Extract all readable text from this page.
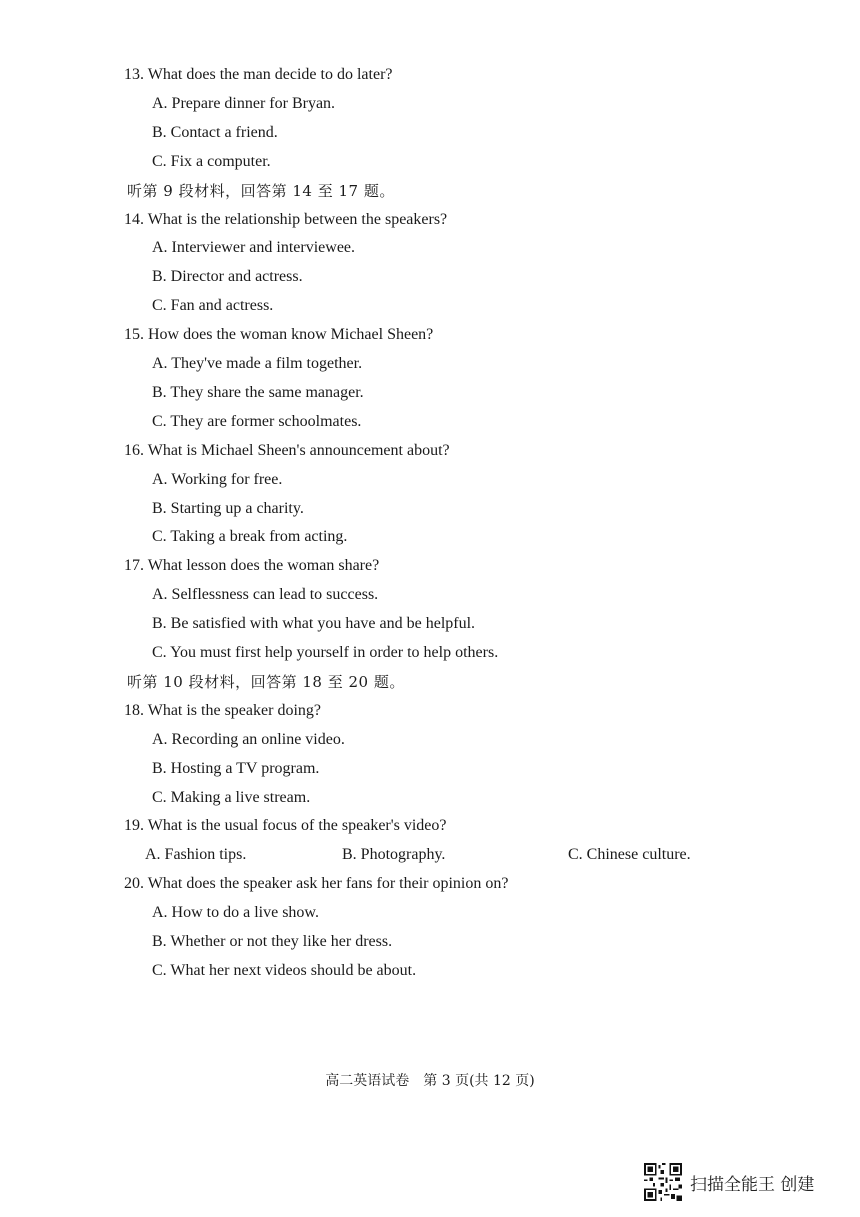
13. What does the man decide to do later?
A. Prepare dinner for Bryan.
B. Contact a friend.
C. Fix a computer.
听第 9 段材料，回答第 14 至 17 题。
14. What is the relationship between the speakers?
A. Interviewer and interviewee.
B. Director and actress.
C. Fan and actress.
15. How does the woman know Michael Sheen?
A. They've made a film together.
B. They share the same manager.
C. They are former schoolmates.
16. What is Michael Sheen's announcement about?
A. Working for free.
B. Starting up a charity.
C. Taking a break from acting.
17. What lesson does the woman share?
A. Selflessness can lead to success.
B. Be satisfied with what you have and be helpful.
C. You must first help yourself in order to help others.
听第 10 段材料，回答第 18 至 20 题。
18. What is the speaker doing?
A. Recording an online video.
B. Hosting a TV program.
C. Making a live stream.
19. What is the usual focus of the speaker's video?
A. Fashion tips.	B. Photography.	C. Chinese culture.
20. What does the speaker ask her fans for their opinion on?
A. How to do a live show.
B. Whether or not they like her dress.
C. What her next videos should be about.
高二英语试卷　第 3 页(共 12 页)
扫描全能王 创建
